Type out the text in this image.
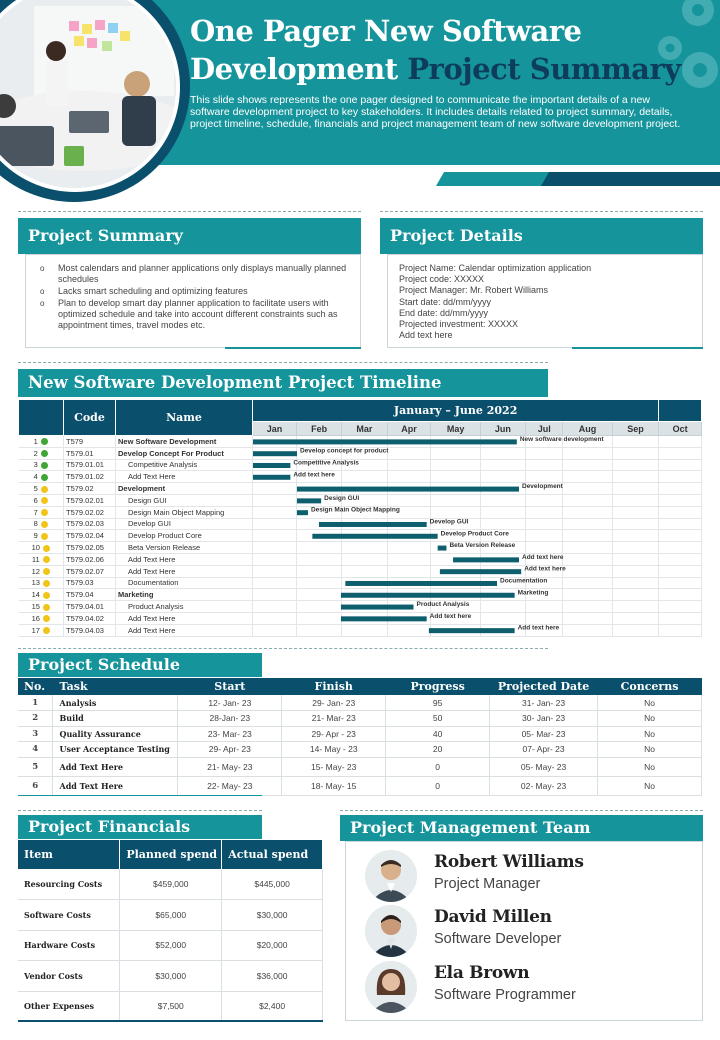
One Pager New Software
Development Project Summary
This slide shows represents the one pager designed to communicate the important details of a new software development project to key stakeholders. It includes details related to project summary, details, project timeline, schedule, financials and project management team of new software development project.
Project Summary
o Most calendars and planner applications only displays manually planned schedules
o Lacks smart scheduling and optimizing features
o Plan to develop smart day planner application to facilitate users with optimized schedule and take into account different constraints such as appointment times, travel modes etc.
Project Details
Project Name: Calendar optimization application
Project code: XXXXX
Project Manager: Mr. Robert Williams
Start date: dd/mm/yyyy
End date: dd/mm/yyyy
Projected investment: XXXXX
Add text here
New Software Development Project Timeline
	Code	Name	January – June 2022									
			Jan	Feb	Mar	Apr	May	Jun	Jul	Aug	Sep	Oct
1	T579	New Software Development										
2	T579.01	Develop Concept For Product										
3	T579.01.01	Competitive Analysis										
4	T579.01.02	Add Text Here										
5	T579.02	Development										
6	T579.02.01	Design GUI										
7	T579.02.02	Design Main Object Mapping										
8	T579.02.03	Develop GUI										
9	T579.02.04	Develop Product Core										
10	T579.02.05	Beta Version Release										
11	T579.02.06	Add Text Here										
12	T579.02.07	Add Text Here										
13	T579.03	Documentation										
14	T579.04	Marketing										
15	T579.04.01	Product Analysis										
16	T579.04.02	Add Text Here										
17	T579.04.03	Add Text Here										
New software development
Develop concept for product
Competitive Analysis
Add text here
Development
Design GUI
Design Main Object Mapping
Develop GUI
Develop Product Core
Beta Version Release
Add text here
Add text here
Documentation
Marketing
Product Analysis
Add text here
Add text here
Project Schedule
No.	Task	Start	Finish	Progress	Projected Date	Concerns
1	Analysis	12- Jan- 23	29- Jan- 23	95	31- Jan- 23	No
2	Build	28-Jan- 23	21- Mar- 23	50	30- Jan- 23	No
3	Quality Assurance	23- Mar- 23	29- Apr - 23	40	05- Mar- 23	No
4	User Acceptance Testing	29- Apr- 23	14- May - 23	20	07- Apr- 23	No
5	Add Text Here	21- May- 23	15- May- 23	0	05- May- 23	No
6	Add Text Here	22- May- 23	18- May- 15	0	02- May- 23	No
Project Financials
Item	Planned spend	Actual spend
Resourcing Costs	$459,000	$445,000
Software Costs	$65,000	$30,000
Hardware Costs	$52,000	$20,000
Vendor Costs	$30,000	$36,000
Other Expenses	$7,500	$2,400
Project Management Team
Robert Williams
Project Manager
David Millen
Software Developer
Ela Brown
Software Programmer
